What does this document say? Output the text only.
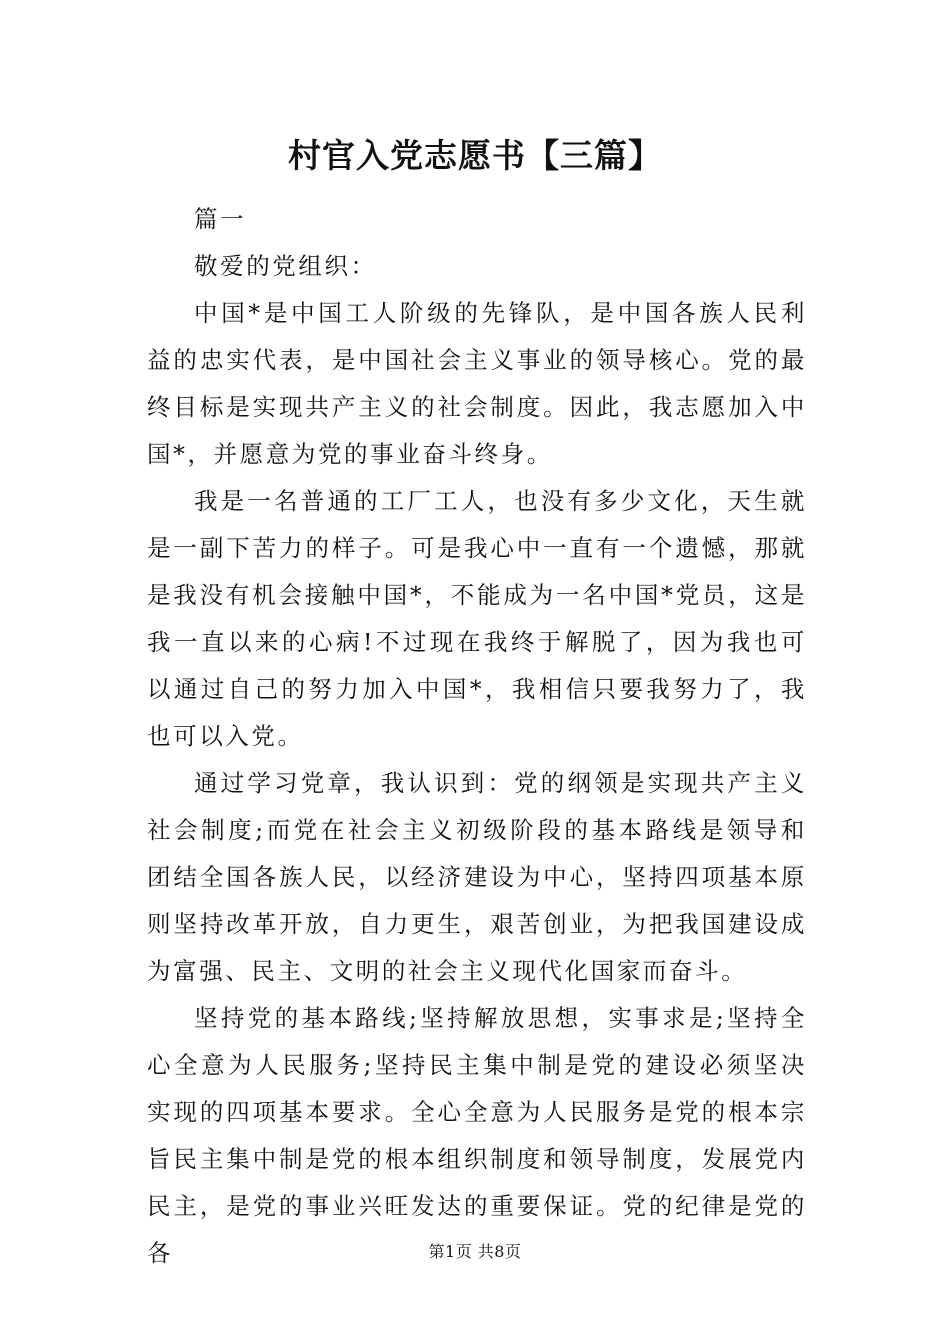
村官入党志愿书【三篇】

篇一

敬爱的党组织：

中国*是中国工人阶级的先锋队，是中国各族人民利益的忠实代表，是中国社会主义事业的领导核心。党的最终目标是实现共产主义的社会制度。因此，我志愿加入中国*，并愿意为党的事业奋斗终身。

我是一名普通的工厂工人，也没有多少文化，天生就是一副下苦力的样子。可是我心中一直有一个遗憾，那就是我没有机会接触中国*，不能成为一名中国*党员，这是我一直以来的心病!不过现在我终于解脱了，因为我也可以通过自己的努力加入中国*，我相信只要我努力了，我也可以入党。

通过学习党章，我认识到：党的纲领是实现共产主义社会制度;而党在社会主义初级阶段的基本路线是领导和团结全国各族人民，以经济建设为中心，坚持四项基本原则坚持改革开放，自力更生，艰苦创业，为把我国建设成为富强、民主、文明的社会主义现代化国家而奋斗。

坚持党的基本路线;坚持解放思想，实事求是;坚持全心全意为人民服务;坚持民主集中制是党的建设必须坚决实现的四项基本要求。全心全意为人民服务是党的根本宗旨民主集中制是党的根本组织制度和领导制度，发展党内民主，是党的事业兴旺发达的重要保证。党的纪律是党的各	第1页 共8页
